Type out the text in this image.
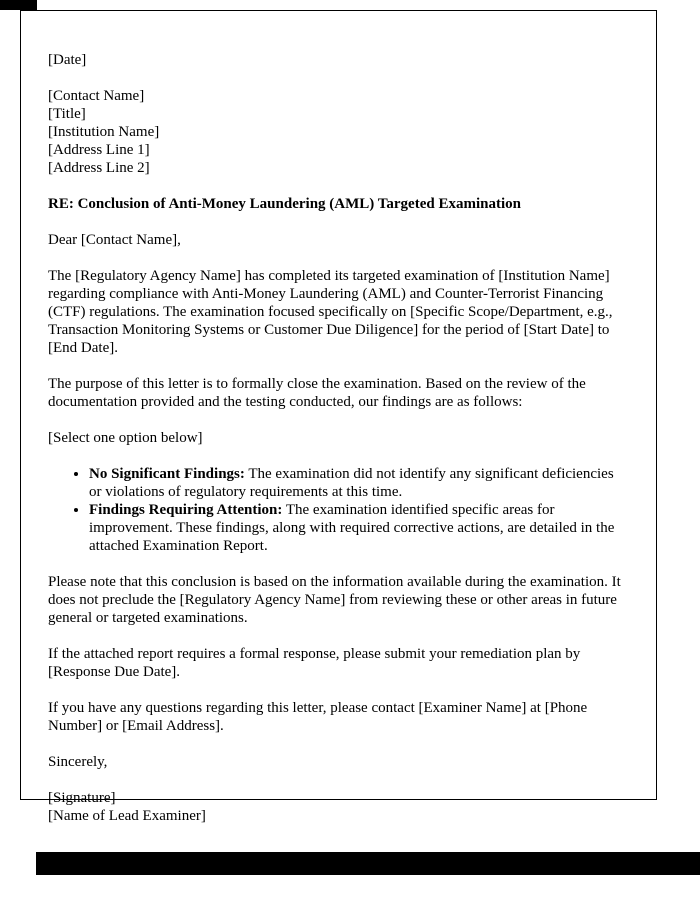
[Date]

[Contact Name]
[Title]
[Institution Name]
[Address Line 1]
[Address Line 2]

RE: Conclusion of Anti-Money Laundering (AML) Targeted Examination

Dear [Contact Name],

The [Regulatory Agency Name] has completed its targeted examination of [Institution Name] regarding compliance with Anti-Money Laundering (AML) and Counter-Terrorist Financing (CTF) regulations. The examination focused specifically on [Specific Scope/Department, e.g., Transaction Monitoring Systems or Customer Due Diligence] for the period of [Start Date] to [End Date].

The purpose of this letter is to formally close the examination. Based on the review of the documentation provided and the testing conducted, our findings are as follows:

[Select one option below]

• No Significant Findings: The examination did not identify any significant deficiencies or violations of regulatory requirements at this time.
• Findings Requiring Attention: The examination identified specific areas for improvement. These findings, along with required corrective actions, are detailed in the attached Examination Report.

Please note that this conclusion is based on the information available during the examination. It does not preclude the [Regulatory Agency Name] from reviewing these or other areas in future general or targeted examinations.

If the attached report requires a formal response, please submit your remediation plan by [Response Due Date].

If you have any questions regarding this letter, please contact [Examiner Name] at [Phone Number] or [Email Address].

Sincerely,

[Signature]
[Name of Lead Examiner]
